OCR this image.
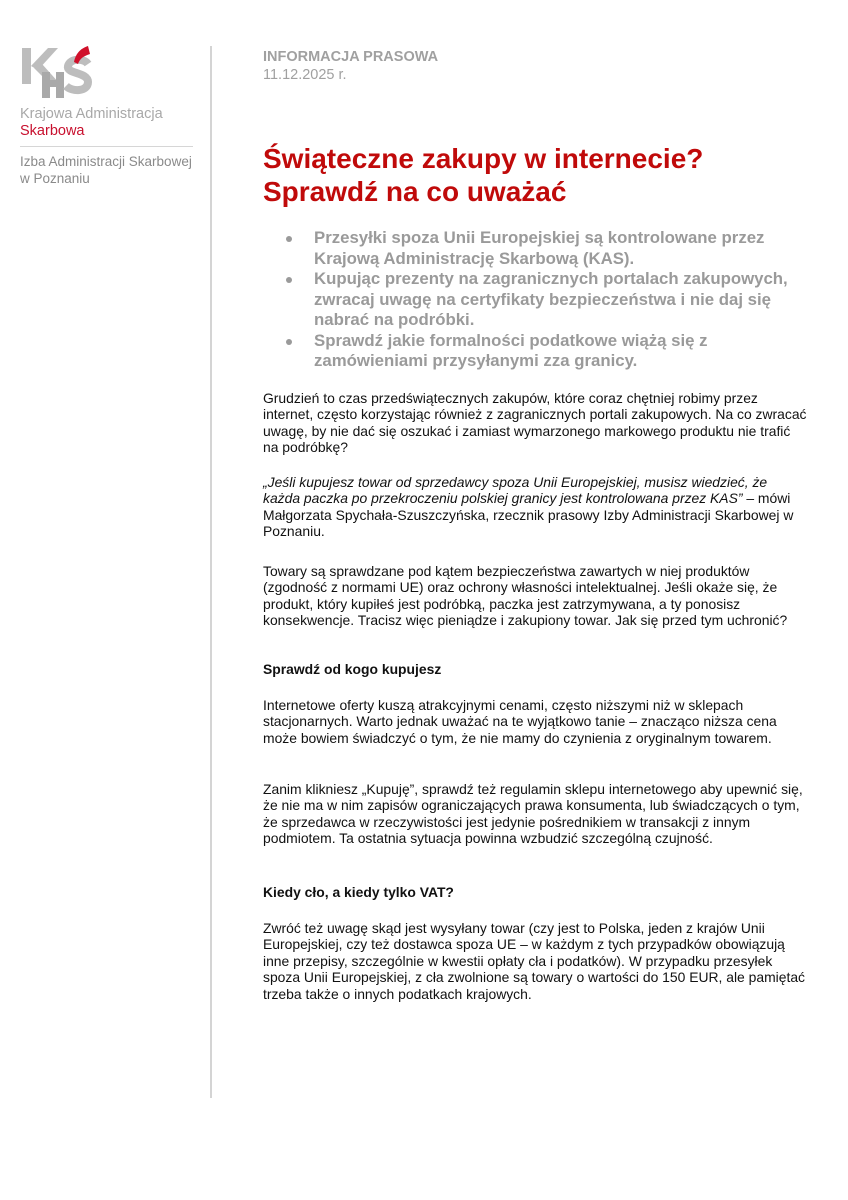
Krajowa Administracja
Skarbowa
Izba Administracji Skarbowej
w Poznaniu
INFORMACJA PRASOWA
11.12.2025 r.
Świąteczne zakupy w internecie?
Sprawdź na co uważać
Przesyłki spoza Unii Europejskiej są kontrolowane przez Krajową Administrację Skarbową (KAS).
Kupując prezenty na zagranicznych portalach zakupowych, zwracaj uwagę na certyfikaty bezpieczeństwa i nie daj się nabrać na podróbki.
Sprawdź jakie formalności podatkowe wiążą się z zamówieniami przysyłanymi zza granicy.

Grudzień to czas przedświątecznych zakupów, które coraz chętniej robimy przez internet, często korzystając również z zagranicznych portali zakupowych. Na co zwracać uwagę, by nie dać się oszukać i zamiast wymarzonego markowego produktu nie trafić na podróbkę?

„Jeśli kupujesz towar od sprzedawcy spoza Unii Europejskiej, musisz wiedzieć, że każda paczka po przekroczeniu polskiej granicy jest kontrolowana przez KAS” – mówi Małgorzata Spychała-Szuszczyńska, rzecznik prasowy Izby Administracji Skarbowej w Poznaniu.

Towary są sprawdzane pod kątem bezpieczeństwa zawartych w niej produktów (zgodność z normami UE) oraz ochrony własności intelektualnej. Jeśli okaże się, że produkt, który kupiłeś jest podróbką, paczka jest zatrzymywana, a ty ponosisz konsekwencje. Tracisz więc pieniądze i zakupiony towar. Jak się przed tym uchronić?

Sprawdź od kogo kupujesz

Internetowe oferty kuszą atrakcyjnymi cenami, często niższymi niż w sklepach stacjonarnych. Warto jednak uważać na te wyjątkowo tanie – znacząco niższa cena może bowiem świadczyć o tym, że nie mamy do czynienia z oryginalnym towarem.

Zanim klikniesz „Kupuję”, sprawdź też regulamin sklepu internetowego aby upewnić się, że nie ma w nim zapisów ograniczających prawa konsumenta, lub świadczących o tym, że sprzedawca w rzeczywistości jest jedynie pośrednikiem w transakcji z innym podmiotem. Ta ostatnia sytuacja powinna wzbudzić szczególną czujność.

Kiedy cło, a kiedy tylko VAT?

Zwróć też uwagę skąd jest wysyłany towar (czy jest to Polska, jeden z krajów Unii Europejskiej, czy też dostawca spoza UE – w każdym z tych przypadków obowiązują inne przepisy, szczególnie w kwestii opłaty cła i podatków). W przypadku przesyłek spoza Unii Europejskiej, z cła zwolnione są towary o wartości do 150 EUR, ale pamiętać trzeba także o innych podatkach krajowych.
